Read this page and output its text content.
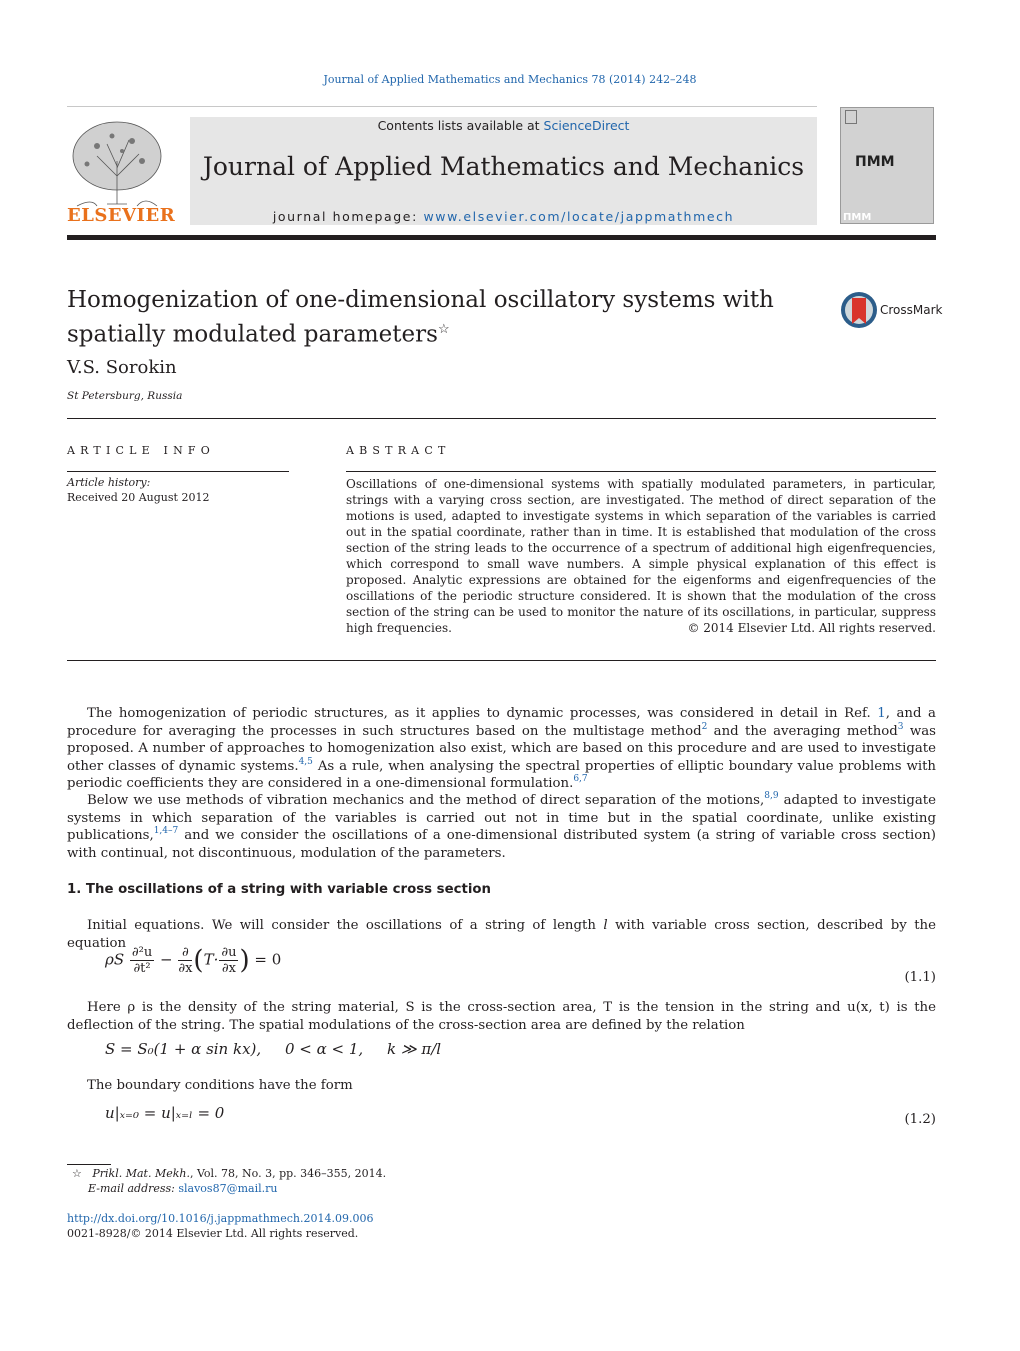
Journal of Applied Mathematics and Mechanics 78 (2014) 242–248
ELSEVIER
Contents lists available at ScienceDirect
Journal of Applied Mathematics and Mechanics
journal homepage: www.elsevier.com/locate/jappmathmech
ПММ
ПММ
Homogenization of one-dimensional oscillatory systems with
spatially modulated parameters☆
CrossMark
V.S. Sorokin
St Petersburg, Russia
ARTICLE INFO
Article history:
Received 20 August 2012
ABSTRACT
Oscillations of one-dimensional systems with spatially modulated parameters, in particular, strings with a varying cross section, are investigated. The method of direct separation of the motions is used, adapted to investigate systems in which separation of the variables is carried out in the spatial coordinate, rather than in time. It is established that modulation of the cross section of the string leads to the occurrence of a spectrum of additional high eigenfrequencies, which correspond to small wave numbers. A simple physical explanation of this effect is proposed. Analytic expressions are obtained for the eigenforms and eigenfrequencies of the oscillations of the periodic structure considered. It is shown that the modulation of the cross section of the string can be used to monitor the nature of its oscillations, in particular, suppress high frequencies.	© 2014 Elsevier Ltd. All rights reserved.
The homogenization of periodic structures, as it applies to dynamic processes, was considered in detail in Ref. 1, and a procedure for averaging the processes in such structures based on the multistage method$^2$ and the averaging method$^3$ was proposed. A number of approaches to homogenization also exist, which are based on this procedure and are used to investigate other classes of dynamic systems.$^{4,5}$ As a rule, when analysing the spectral properties of elliptic boundary value problems with periodic coefficients they are considered in a one-dimensional formulation.$^{6,7}$
Below we use methods of vibration mechanics and the method of direct separation of the motions,$^{8,9}$ adapted to investigate systems in which separation of the variables is carried out not in time but in the spatial coordinate, unlike existing publications,$^{1,4-7}$ and we consider the oscillations of a one-dimensional distributed system (a string of variable cross section) with continual, not discontinuous, modulation of the parameters.
1. The oscillations of a string with variable cross section
Initial equations. We will consider the oscillations of a string of length l with variable cross section, described by the equation
ρS $\frac{\text{∂²u}}{\text{∂t²}} - \frac{\partial}{\partial x} (T\cdot \frac{\partial u}{\partial x}$ ) = 0
(1.1)
Here ρ is the density of the string material, S is the cross-section area, T is the tension in the string and u(x, t) is the deflection of the string. The spatial modulations of the cross-section area are defined by the relation
S = S₀(1 + α sin kx),     0 < α < 1,     k ≫ π/l
The boundary conditions have the form
u|ₓ₌₀ = u|ₓ₌ₗ = 0	(1.2)
☆ Prikl. Mat. Mekh., Vol. 78, No. 3, pp. 346–355, 2014.
E-mail address: slavos87@mail.ru
http://dx.doi.org/10.1016/j.jappmathmech.2014.09.006
0021-8928/© 2014 Elsevier Ltd. All rights reserved.
